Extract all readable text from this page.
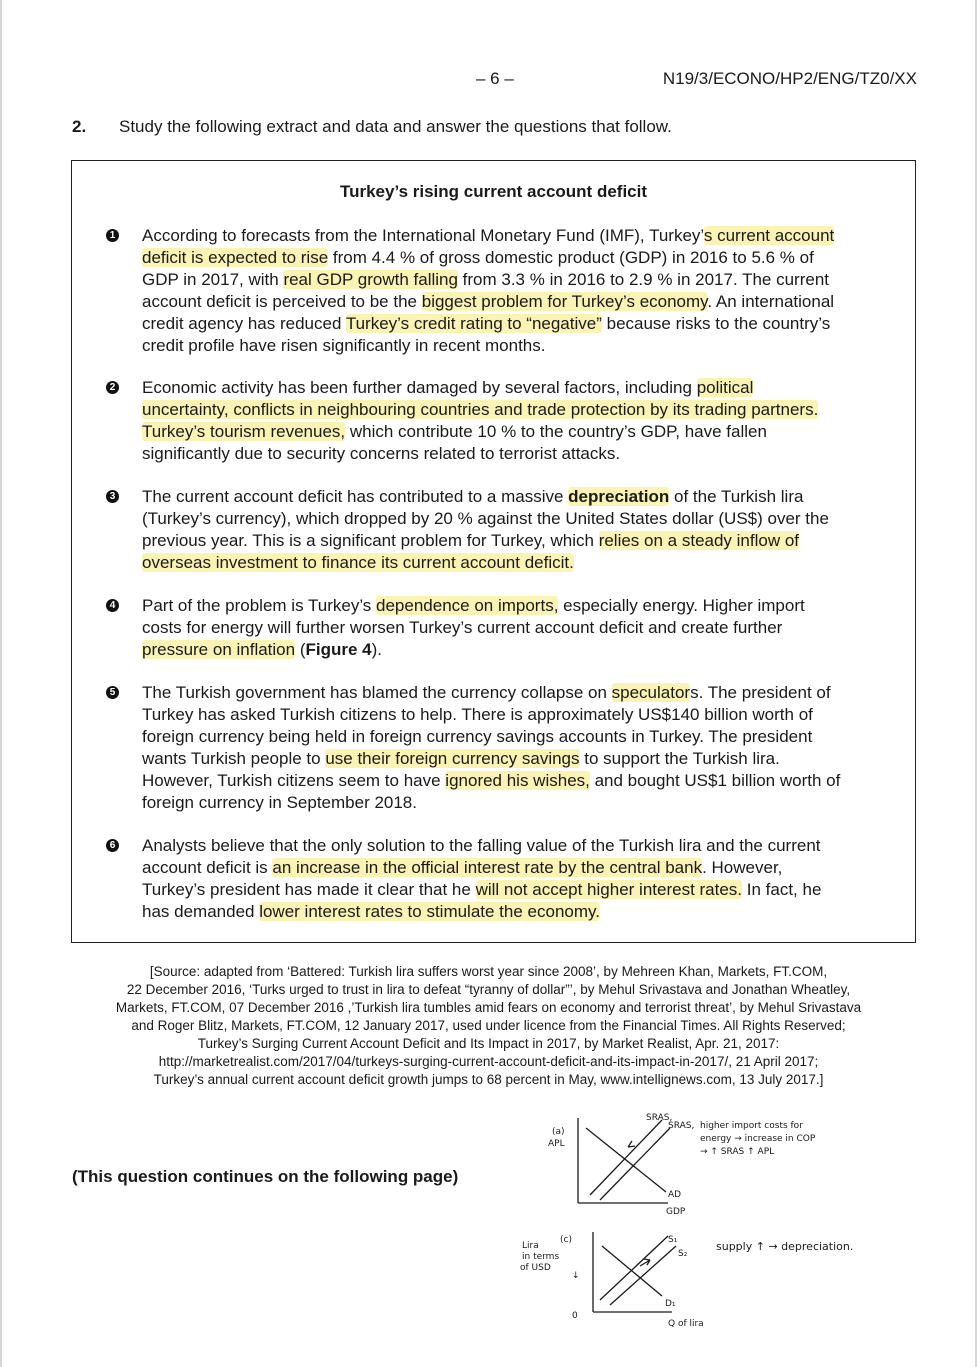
– 6 –	N19/3/ECONO/HP2/ENG/TZ0/XX
2. Study the following extract and data and answer the questions that follow.
Turkey’s rising current account deficit
1 According to forecasts from the International Monetary Fund (IMF), Turkey’s current account
deficit is expected to rise from 4.4 % of gross domestic product (GDP) in 2016 to 5.6 % of
GDP in 2017, with real GDP growth falling from 3.3 % in 2016 to 2.9 % in 2017. The current
account deficit is perceived to be the biggest problem for Turkey’s economy. An international
credit agency has reduced Turkey’s credit rating to “negative” because risks to the country’s
credit profile have risen significantly in recent months.
2 Economic activity has been further damaged by several factors, including political
uncertainty, conflicts in neighbouring countries and trade protection by its trading partners.
Turkey’s tourism revenues, which contribute 10 % to the country’s GDP, have fallen
significantly due to security concerns related to terrorist attacks.
3 The current account deficit has contributed to a massive depreciation of the Turkish lira
(Turkey’s currency), which dropped by 20 % against the United States dollar (US$) over the
previous year. This is a significant problem for Turkey, which relies on a steady inflow of
overseas investment to finance its current account deficit.
4 Part of the problem is Turkey’s dependence on imports, especially energy. Higher import
costs for energy will further worsen Turkey’s current account deficit and create further
pressure on inflation (Figure 4).
5 The Turkish government has blamed the currency collapse on speculators. The president of
Turkey has asked Turkish citizens to help. There is approximately US$140 billion worth of
foreign currency being held in foreign currency savings accounts in Turkey. The president
wants Turkish people to use their foreign currency savings to support the Turkish lira.
However, Turkish citizens seem to have ignored his wishes, and bought US$1 billion worth of
foreign currency in September 2018.
6 Analysts believe that the only solution to the falling value of the Turkish lira and the current
account deficit is an increase in the official interest rate by the central bank. However,
Turkey’s president has made it clear that he will not accept higher interest rates. In fact, he
has demanded lower interest rates to stimulate the economy.
[Source: adapted from ‘Battered: Turkish lira suffers worst year since 2008’, by Mehreen Khan, Markets, FT.COM,
22 December 2016, ‘Turks urged to trust in lira to defeat “tyranny of dollar”’, by Mehul Srivastava and Jonathan Wheatley,
Markets, FT.COM, 07 December 2016 ,’Turkish lira tumbles amid fears on economy and terrorist threat’, by Mehul Srivastava
and Roger Blitz, Markets, FT.COM, 12 January 2017, used under licence from the Financial Times. All Rights Reserved;
Turkey’s Surging Current Account Deficit and Its Impact in 2017, by Market Realist, Apr. 21, 2017:
http://marketrealist.com/2017/04/turkeys-surging-current-account-deficit-and-its-impact-in-2017/, 21 April 2017;
Turkey’s annual current account deficit growth jumps to 68 percent in May, www.intellignews.com, 13 July 2017.]
(This question continues on the following page)
(a)
APL
SRAS,
SRAS, higher import costs for
energy → increase in COP
→ ↑ SRAS ↑ APL
AD
GDP
(c)
Lira
in terms
of USD
↓
0
S₁
S₂
D₁
Q of lira
supply ↑ → depreciation.
